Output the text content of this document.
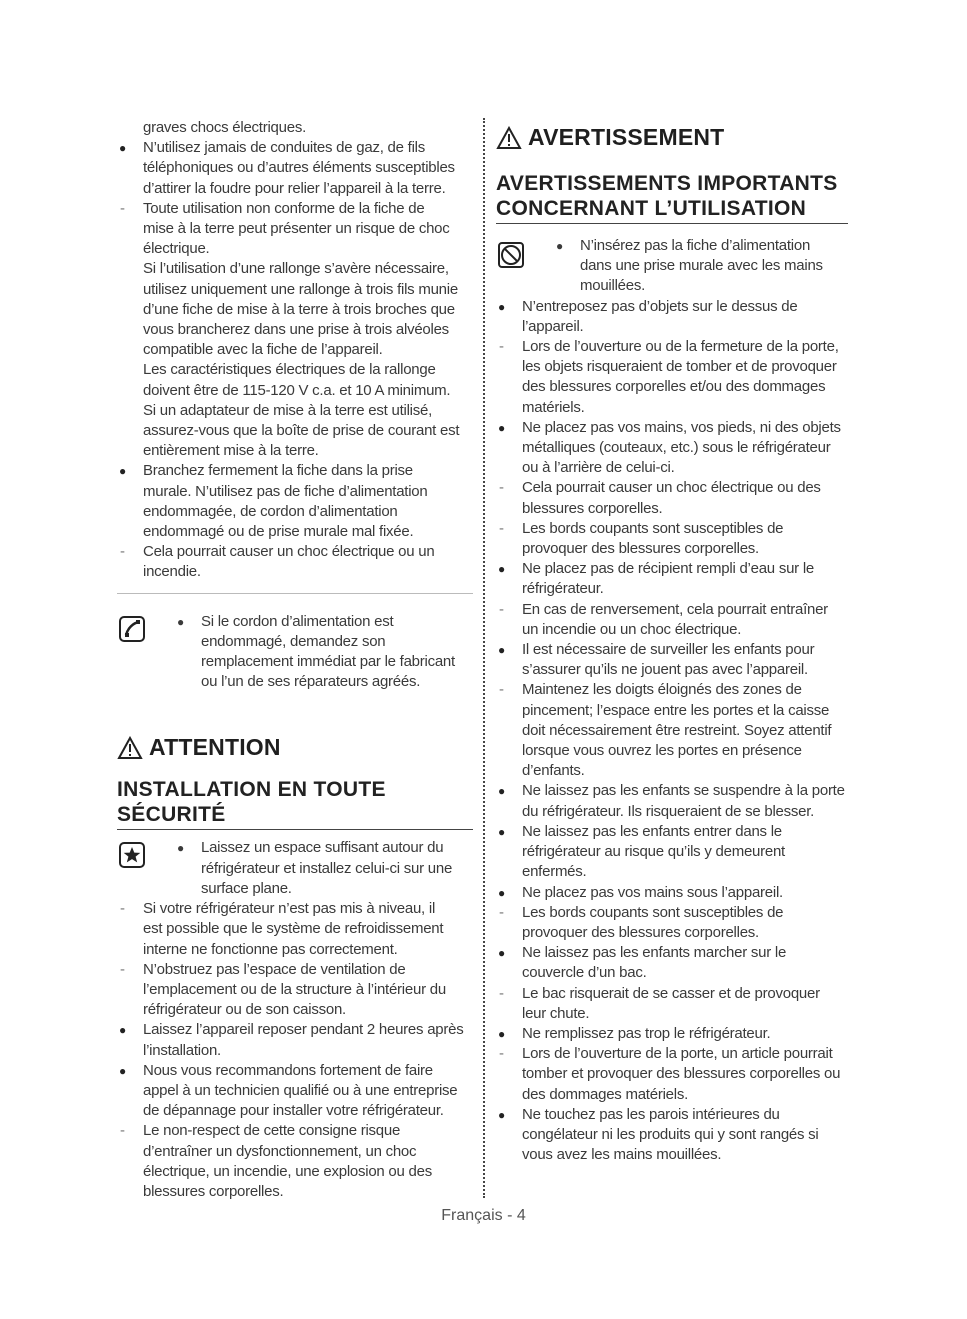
graves chocs électriques.
● N’utilisez jamais de conduites de gaz, de fils
téléphoniques ou d’autres éléments susceptibles
d’attirer la foudre pour relier l’appareil à la terre.
- Toute utilisation non conforme de la fiche de
mise à la terre peut présenter un risque de choc
électrique.
Si l’utilisation d’une rallonge s’avère nécessaire,
utilisez uniquement une rallonge à trois fils munie
d’une fiche de mise à la terre à trois broches que
vous brancherez dans une prise à trois alvéoles
compatible avec la fiche de l’appareil.
Les caractéristiques électriques de la rallonge
doivent être de 115-120 V c.a. et 10 A minimum.
Si un adaptateur de mise à la terre est utilisé,
assurez-vous que la boîte de prise de courant est
entièrement mise à la terre.
● Branchez fermement la fiche dans la prise
murale. N’utilisez pas de fiche d’alimentation
endommagée, de cordon d’alimentation
endommagé ou de prise murale mal fixée.
- Cela pourrait causer un choc électrique ou un
incendie.
● Si le cordon d’alimentation est
endommagé, demandez son
remplacement immédiat par le fabricant
ou l’un de ses réparateurs agréés.
ATTENTION
INSTALLATION EN TOUTE SÉCURITÉ
● Laissez un espace suffisant autour du
réfrigérateur et installez celui-ci sur une
surface plane.
- Si votre réfrigérateur n’est pas mis à niveau, il
est possible que le système de refroidissement
interne ne fonctionne pas correctement.
- N’obstruez pas l’espace de ventilation de
l’emplacement ou de la structure à l’intérieur du
réfrigérateur ou de son caisson.
● Laissez l’appareil reposer pendant 2 heures après
l’installation.
● Nous vous recommandons fortement de faire
appel à un technicien qualifié ou à une entreprise
de dépannage pour installer votre réfrigérateur.
- Le non-respect de cette consigne risque
d’entraîner un dysfonctionnement, un choc
électrique, un incendie, une explosion ou des
blessures corporelles.
AVERTISSEMENT
AVERTISSEMENTS IMPORTANTS
CONCERNANT L’UTILISATION
● N’insérez pas la fiche d’alimentation
dans une prise murale avec les mains
mouillées.
● N’entreposez pas d’objets sur le dessus de
l’appareil.
- Lors de l’ouverture ou de la fermeture de la porte,
les objets risqueraient de tomber et de provoquer
des blessures corporelles et/ou des dommages
matériels.
● Ne placez pas vos mains, vos pieds, ni des objets
métalliques (couteaux, etc.) sous le réfrigérateur
ou à l’arrière de celui-ci.
- Cela pourrait causer un choc électrique ou des
blessures corporelles.
- Les bords coupants sont susceptibles de
provoquer des blessures corporelles.
● Ne placez pas de récipient rempli d’eau sur le
réfrigérateur.
- En cas de renversement, cela pourrait entraîner
un incendie ou un choc électrique.
● Il est nécessaire de surveiller les enfants pour
s’assurer qu’ils ne jouent pas avec l’appareil.
- Maintenez les doigts éloignés des zones de
pincement; l’espace entre les portes et la caisse
doit nécessairement être restreint. Soyez attentif
lorsque vous ouvrez les portes en présence
d’enfants.
● Ne laissez pas les enfants se suspendre à la porte
du réfrigérateur. Ils risqueraient de se blesser.
● Ne laissez pas les enfants entrer dans le
réfrigérateur au risque qu’ils y demeurent
enfermés.
● Ne placez pas vos mains sous l’appareil.
- Les bords coupants sont susceptibles de
provoquer des blessures corporelles.
● Ne laissez pas les enfants marcher sur le
couvercle d’un bac.
- Le bac risquerait de se casser et de provoquer
leur chute.
● Ne remplissez pas trop le réfrigérateur.
- Lors de l’ouverture de la porte, un article pourrait
tomber et provoquer des blessures corporelles ou
des dommages matériels.
● Ne touchez pas les parois intérieures du
congélateur ni les produits qui y sont rangés si
vous avez les mains mouillées.
Français - 4
